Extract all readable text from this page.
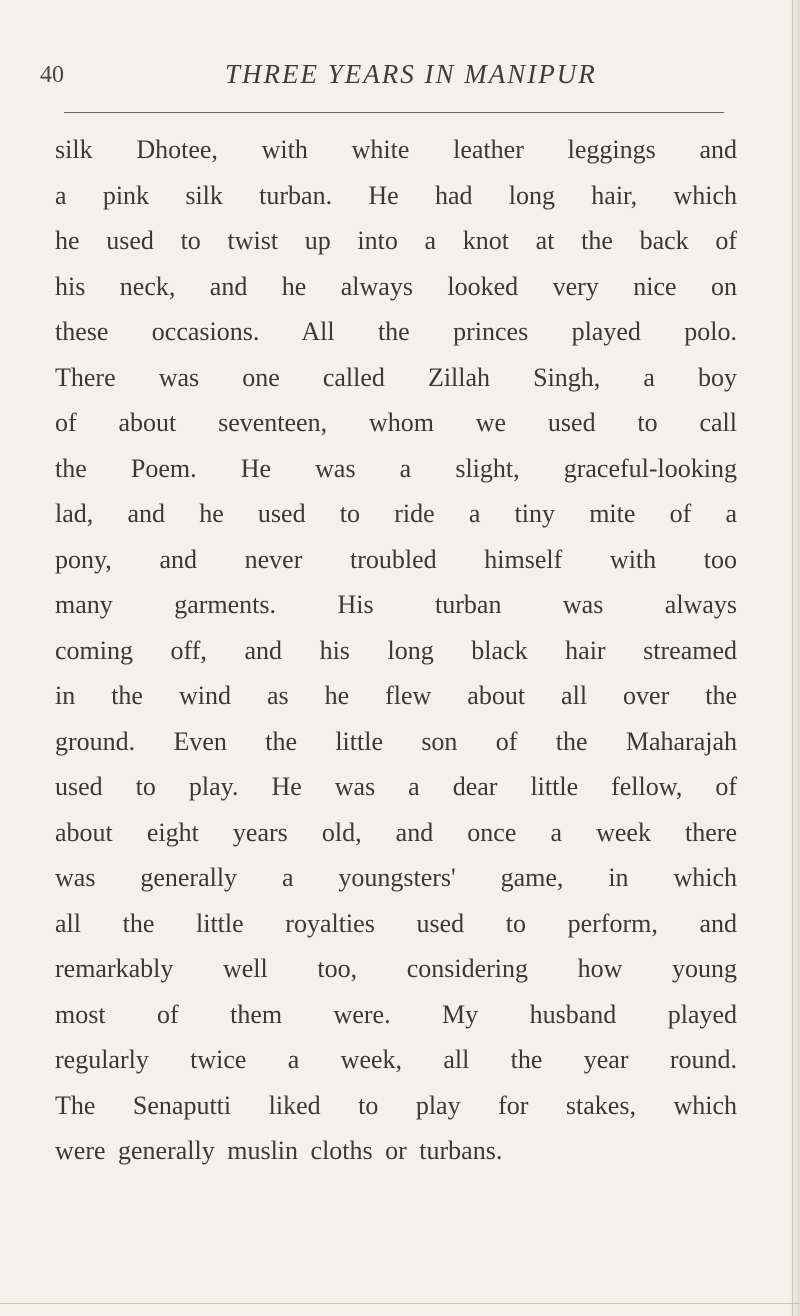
40	THREE YEARS IN MANIPUR
silk Dhotee, with white leather leggings and
a pink silk turban. He had long hair, which
he used to twist up into a knot at the back of
his neck, and he always looked very nice on
these occasions. All the princes played polo.
There was one called Zillah Singh, a boy
of about seventeen, whom we used to call
the Poem. He was a slight, graceful-looking
lad, and he used to ride a tiny mite of a
pony, and never troubled himself with too
many garments. His turban was always
coming off, and his long black hair streamed
in the wind as he flew about all over the
ground. Even the little son of the Maharajah
used to play. He was a dear little fellow, of
about eight years old, and once a week there
was generally a youngsters' game, in which
all the little royalties used to perform, and
remarkably well too, considering how young
most of them were. My husband played
regularly twice a week, all the year round.
The Senaputti liked to play for stakes, which
were generally muslin cloths or turbans.
